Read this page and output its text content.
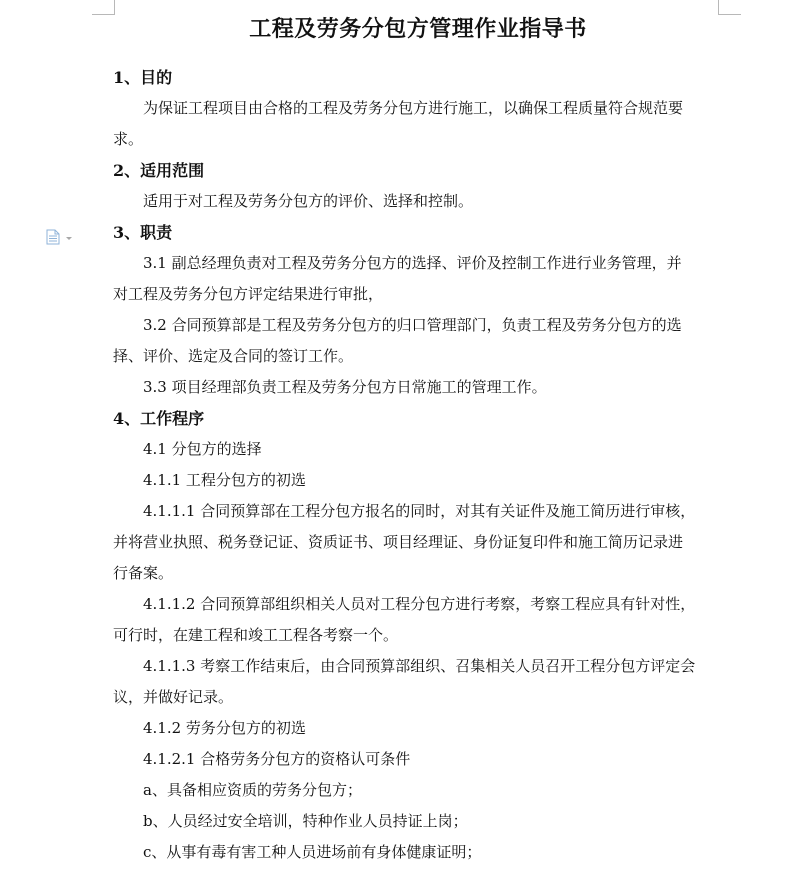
工程及劳务分包方管理作业指导书
1、目的
为保证工程项目由合格的工程及劳务分包方进行施工，以确保工程质量符合规范要
求。
2、适用范围
适用于对工程及劳务分包方的评价、选择和控制。
3、职责
3.1 副总经理负责对工程及劳务分包方的选择、评价及控制工作进行业务管理，并
对工程及劳务分包方评定结果进行审批，
3.2 合同预算部是工程及劳务分包方的归口管理部门，负责工程及劳务分包方的选
择、评价、选定及合同的签订工作。
3.3 项目经理部负责工程及劳务分包方日常施工的管理工作。
4、工作程序
4.1 分包方的选择
4.1.1 工程分包方的初选
4.1.1.1 合同预算部在工程分包方报名的同时，对其有关证件及施工简历进行审核，
并将营业执照、税务登记证、资质证书、项目经理证、身份证复印件和施工简历记录进
行备案。
4.1.1.2 合同预算部组织相关人员对工程分包方进行考察，考察工程应具有针对性，
可行时，在建工程和竣工工程各考察一个。
4.1.1.3 考察工作结束后，由合同预算部组织、召集相关人员召开工程分包方评定会
议，并做好记录。
4.1.2 劳务分包方的初选
4.1.2.1 合格劳务分包方的资格认可条件
a、具备相应资质的劳务分包方；
b、人员经过安全培训，特种作业人员持证上岗；
c、从事有毒有害工种人员进场前有身体健康证明；
